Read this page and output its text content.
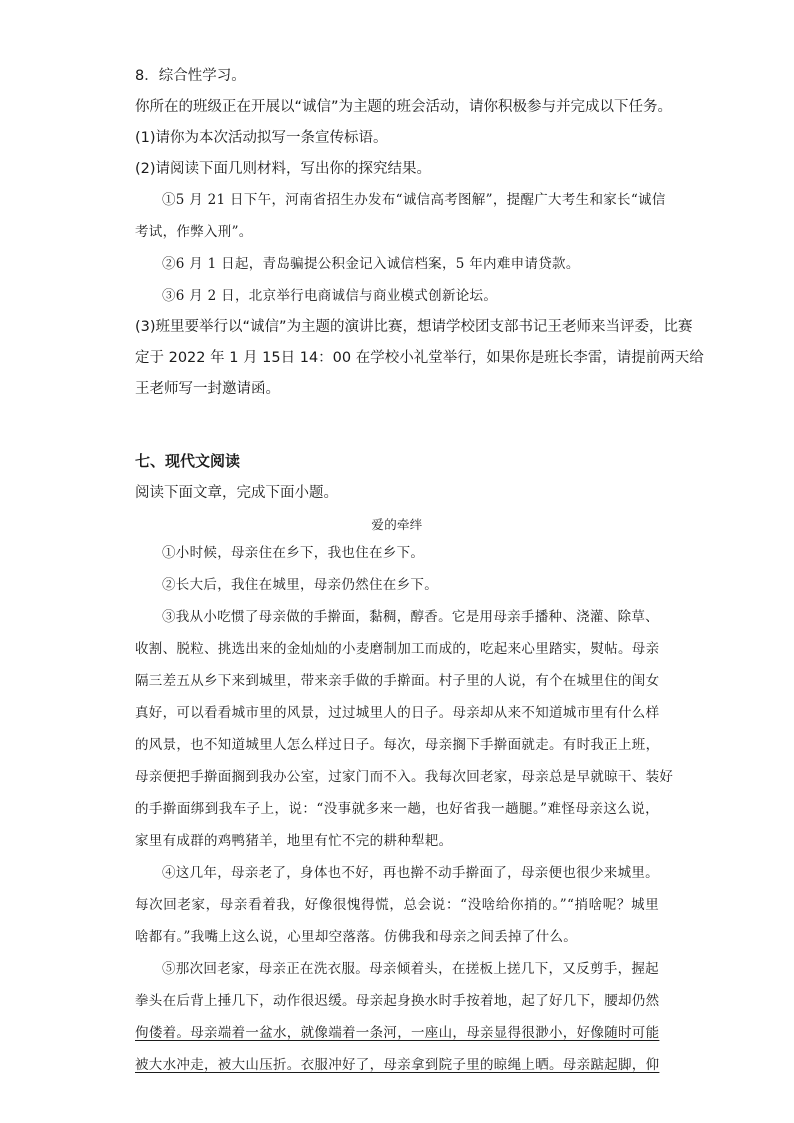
8．综合性学习。
你所在的班级正在开展以“诚信”为主题的班会活动，请你积极参与并完成以下任务。
(1)请你为本次活动拟写一条宣传标语。
(2)请阅读下面几则材料，写出你的探究结果。
①5 月 21 日下午，河南省招生办发布“诚信高考图解”，提醒广大考生和家长“诚信
考试，作弊入刑”。
②6 月 1 日起，青岛骗提公积金记入诚信档案，5 年内难申请贷款。
③6 月 2 日，北京举行电商诚信与商业模式创新论坛。
(3)班里要举行以“诚信”为主题的演讲比赛，想请学校团支部书记王老师来当评委，比赛
定于 2022 年 1 月 15日 14：00 在学校小礼堂举行，如果你是班长李雷，请提前两天给
王老师写一封邀请函。
七、现代文阅读
阅读下面文章，完成下面小题。
爱的牵绊
①小时候，母亲住在乡下，我也住在乡下。
②长大后，我住在城里，母亲仍然住在乡下。
③我从小吃惯了母亲做的手擀面，黏稠，醇香。它是用母亲手播种、浇灌、除草、
收割、脱粒、挑选出来的金灿灿的小麦磨制加工而成的，吃起来心里踏实，熨帖。母亲
隔三差五从乡下来到城里，带来亲手做的手擀面。村子里的人说，有个在城里住的闺女
真好，可以看看城市里的风景，过过城里人的日子。母亲却从来不知道城市里有什么样
的风景，也不知道城里人怎么样过日子。每次，母亲搁下手擀面就走。有时我正上班，
母亲便把手擀面搁到我办公室，过家门而不入。我每次回老家，母亲总是早就晾干、装好
的手擀面绑到我车子上，说：“没事就多来一趟，也好省我一趟腿。”难怪母亲这么说，
家里有成群的鸡鸭猪羊，地里有忙不完的耕种犁耙。
④这几年，母亲老了，身体也不好，再也擀不动手擀面了，母亲便也很少来城里。
每次回老家，母亲看着我，好像很愧得慌，总会说：“没啥给你捎的。”“捎啥呢？城里
啥都有。”我嘴上这么说，心里却空落落。仿佛我和母亲之间丢掉了什么。
⑤那次回老家，母亲正在洗衣服。母亲倾着头，在搓板上搓几下，又反剪手，握起
拳头在后背上捶几下，动作很迟缓。母亲起身换水时手按着地，起了好几下，腰却仍然
佝偻着。母亲端着一盆水，就像端着一条河，一座山，母亲显得很渺小，好像随时可能
被大水冲走，被大山压折。衣服冲好了，母亲拿到院子里的晾绳上晒。母亲踮起脚，仰
